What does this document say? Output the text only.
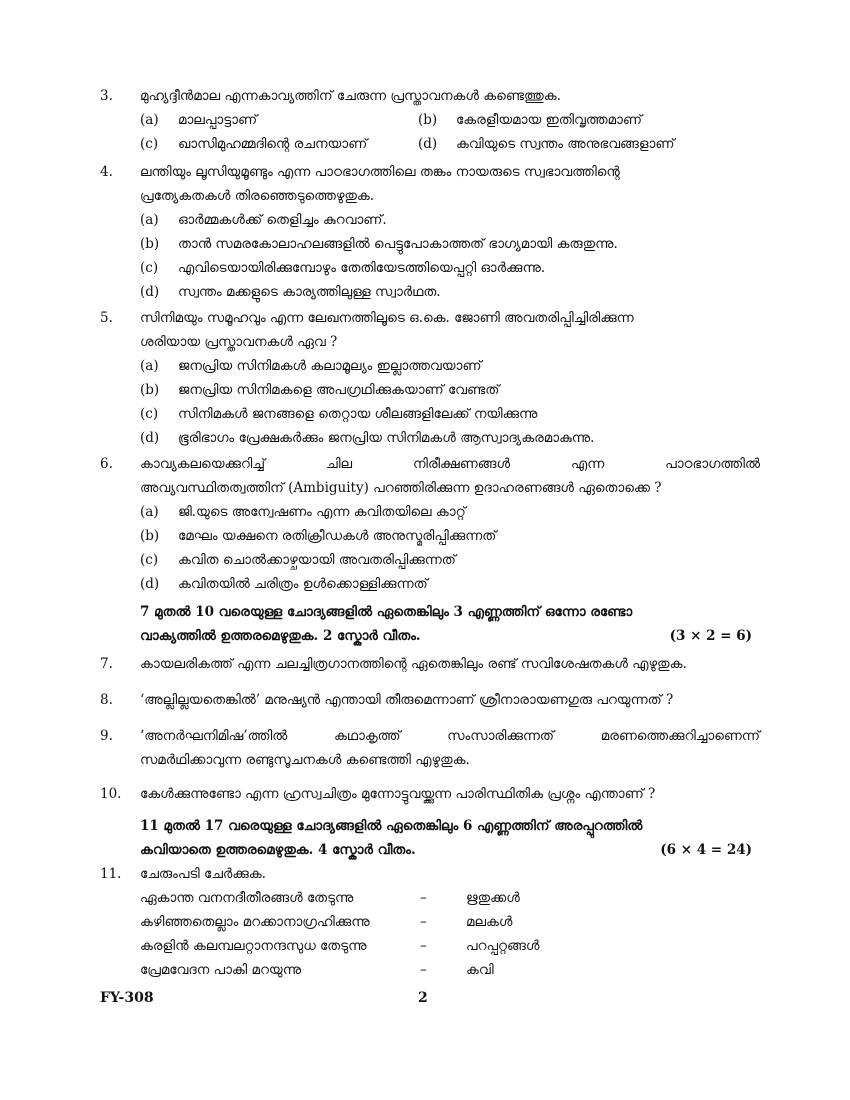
3.	മുഹ്യദ്ദീൻമാല എന്നകാവ്യത്തിന് ചേരുന്ന പ്രസ്താവനകൾ കണ്ടെത്തുക.
(a)	മാലപ്പാട്ടാണ്	(b)	കേരളീയമായ ഇതിവൃത്തമാണ്
(c)	ഖാസിമുഹമ്മദിന്റെ രചനയാണ്	(d)	കവിയുടെ സ്വന്തം അനുഭവങ്ങളാണ്
4.	ലന്തിയും ലൂസിയുമൂണ്ടും എന്ന പാഠഭാഗത്തിലെ തങ്കം നായരുടെ സ്വഭാവത്തിന്റെ
പ്രത്യേകതകൾ തിരഞ്ഞെടുത്തെഴുതുക.
(a)	ഓർമ്മകൾക്ക് തെളിച്ചം കുറവാണ്.
(b)	താൻ സമരകോലാഹലങ്ങളിൽ പെട്ടുപോകാത്തത് ഭാഗ്യമായി കരുതുന്നു.
(c)	എവിടെയായിരിക്കുമ്പോഴും തേതിയേടത്തിയെപ്പറ്റി ഓർക്കുന്നു.
(d)	സ്വന്തം മക്കളുടെ കാര്യത്തിലുള്ള സ്വാർഥത.
5.	സിനിമയും സമൂഹവും എന്ന ലേഖനത്തിലൂടെ ഒ.കെ. ജോണി അവതരിപ്പിച്ചിരിക്കുന്ന
ശരിയായ പ്രസ്താവനകൾ ഏവ ?
(a)	ജനപ്രിയ സിനിമകൾ കലാമൂല്യം ഇല്ലാത്തവയാണ്
(b)	ജനപ്രിയ സിനിമകളെ അപഗ്രഥിക്കുകയാണ് വേണ്ടത്
(c)	സിനിമകൾ ജനങ്ങളെ തെറ്റായ ശീലങ്ങളിലേക്ക് നയിക്കുന്നു
(d)	ഭൂരിഭാഗം പ്രേക്ഷകർക്കും ജനപ്രിയ സിനിമകൾ ആസ്വാദ്യകരമാകുന്നു.
6.	കാവ്യകലയെക്കുറിച്ച് ചില നിരീക്ഷണങ്ങൾ എന്ന പാഠഭാഗത്തിൽ
അവ്യവസ്ഥിതത്വത്തിന് (Ambiguity) പറഞ്ഞിരിക്കുന്ന ഉദാഹരണങ്ങൾ ഏതൊക്കെ ?
(a)	ജി.യുടെ അന്വേഷണം എന്ന കവിതയിലെ കാറ്റ്
(b)	മേഘം യക്ഷനെ രതിക്രീഡകൾ അനുസ്മരിപ്പിക്കുന്നത്
(c)	കവിത ചൊൽക്കാഴ്ചയായി അവതരിപ്പിക്കുന്നത്
(d)	കവിതയിൽ ചരിത്രം ഉൾക്കൊള്ളിക്കുന്നത്
7 മുതൽ 10 വരെയുള്ള ചോദ്യങ്ങളിൽ ഏതെങ്കിലും 3 എണ്ണത്തിന് ഒന്നോ രണ്ടോ
വാക്യത്തിൽ ഉത്തരമെഴുതുക. 2 സ്കോർ വീതം.	(3 × 2 = 6)
7.	കായലരികത്ത് എന്ന ചലച്ചിത്രഗാനത്തിന്റെ ഏതെങ്കിലും രണ്ട് സവിശേഷതകൾ എഴുതുക.
8.	‘അല്ലില്ലയതെങ്കിൽ’ മനുഷ്യൻ എന്തായി തീരുമെന്നാണ് ശ്രീനാരായണഗുരു പറയുന്നത് ?
9.	‘അനർഘനിമിഷ’ത്തിൽ കഥാകൃത്ത് സംസാരിക്കുന്നത് മരണത്തെക്കുറിച്ചാണെന്ന്
സമർഥിക്കാവുന്ന രണ്ടുസൂചനകൾ കണ്ടെത്തി എഴുതുക.
10.	കേൾക്കുന്നുണ്ടോ എന്ന ഹ്രസ്വചിത്രം മുന്നോട്ടുവയ്ക്കുന്ന പാരിസ്ഥിതിക പ്രശ്നം എന്താണ് ?
11 മുതൽ 17 വരെയുള്ള ചോദ്യങ്ങളിൽ ഏതെങ്കിലും 6 എണ്ണത്തിന് അരപ്പുറത്തിൽ
കവിയാതെ ഉത്തരമെഴുതുക. 4 സ്കോർ വീതം.	(6 × 4 = 24)
11.	ചേരുംപടി ചേർക്കുക.
ഏകാന്ത വനനദീതീരങ്ങൾ തേടുന്നു	–	ഋതുക്കൾ
കഴിഞ്ഞതെല്ലാം മറക്കാനാഗ്രഹിക്കുന്നു	–	മലകൾ
കരളിൻ കലമ്പലറ്റാനന്ദസുധ തേടുന്നു	–	പറപ്പറ്റങ്ങൾ
പ്രേമവേദന പാകി മറയുന്നു	–	കവി
FY-308	2
